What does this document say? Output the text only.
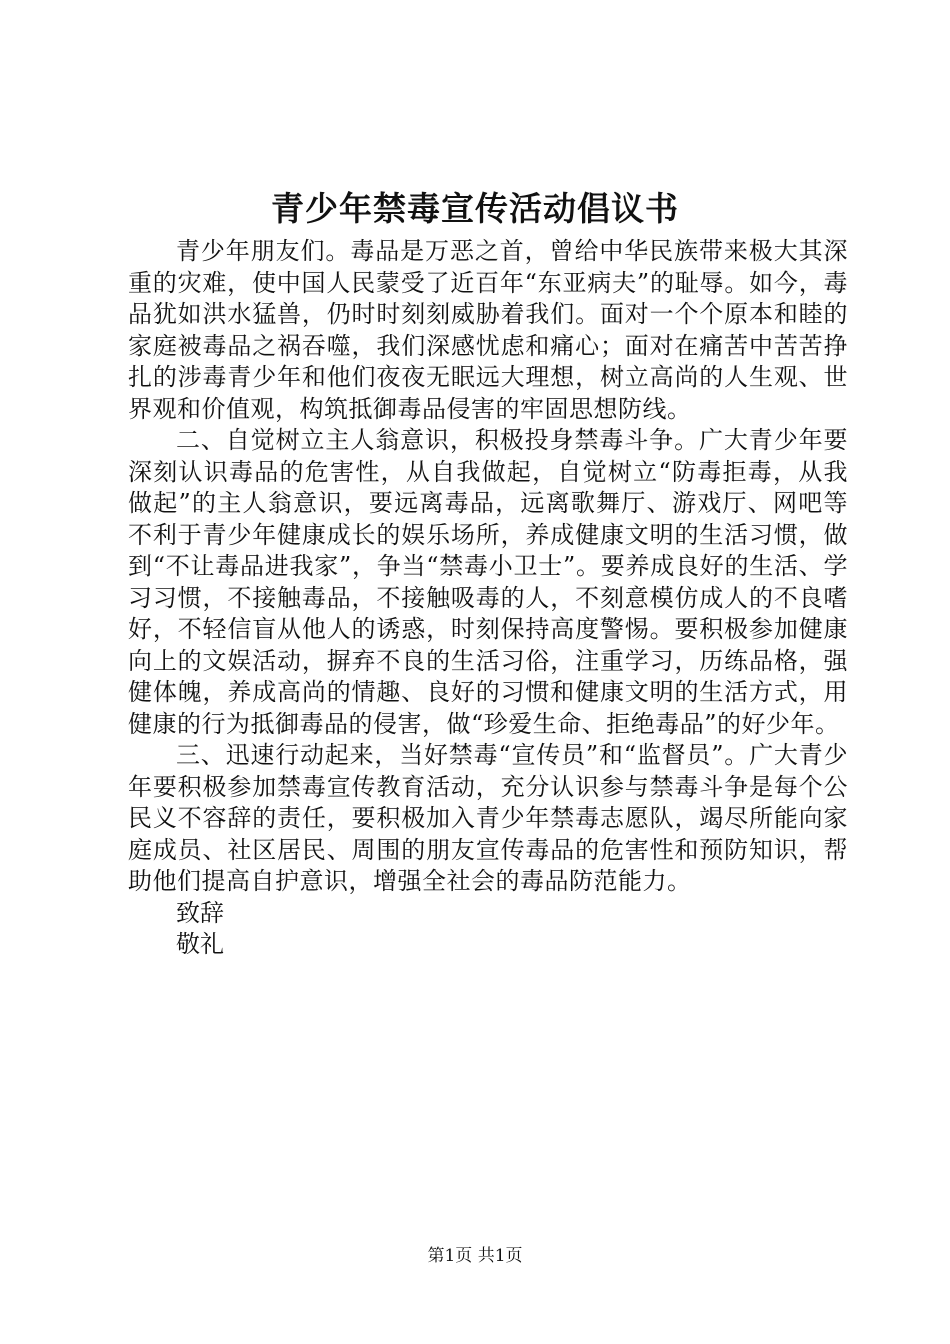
青少年禁毒宣传活动倡议书

青少年朋友们。毒品是万恶之首，曾给中华民族带来极大其深重的灾难，使中国人民蒙受了近百年“东亚病夫”的耻辱。如今，毒品犹如洪水猛兽，仍时时刻刻威胁着我们。面对一个个原本和睦的家庭被毒品之祸吞噬，我们深感忧虑和痛心；面对在痛苦中苦苦挣扎的涉毒青少年和他们夜夜无眠远大理想，树立高尚的人生观、世界观和价值观，构筑抵御毒品侵害的牢固思想防线。

二、自觉树立主人翁意识，积极投身禁毒斗争。广大青少年要深刻认识毒品的危害性，从自我做起，自觉树立“防毒拒毒，从我做起”的主人翁意识，要远离毒品，远离歌舞厅、游戏厅、网吧等不利于青少年健康成长的娱乐场所，养成健康文明的生活习惯，做到“不让毒品进我家”，争当“禁毒小卫士”。要养成良好的生活、学习习惯，不接触毒品，不接触吸毒的人，不刻意模仿成人的不良嗜好，不轻信盲从他人的诱惑，时刻保持高度警惕。要积极参加健康向上的文娱活动，摒弃不良的生活习俗，注重学习，历练品格，强健体魄，养成高尚的情趣、良好的习惯和健康文明的生活方式，用健康的行为抵御毒品的侵害，做“珍爱生命、拒绝毒品”的好少年。

三、迅速行动起来，当好禁毒“宣传员”和“监督员”。广大青少年要积极参加禁毒宣传教育活动，充分认识参与禁毒斗争是每个公民义不容辞的责任，要积极加入青少年禁毒志愿队，竭尽所能向家庭成员、社区居民、周围的朋友宣传毒品的危害性和预防知识，帮助他们提高自护意识，增强全社会的毒品防范能力。

致辞

敬礼

第1页 共1页
